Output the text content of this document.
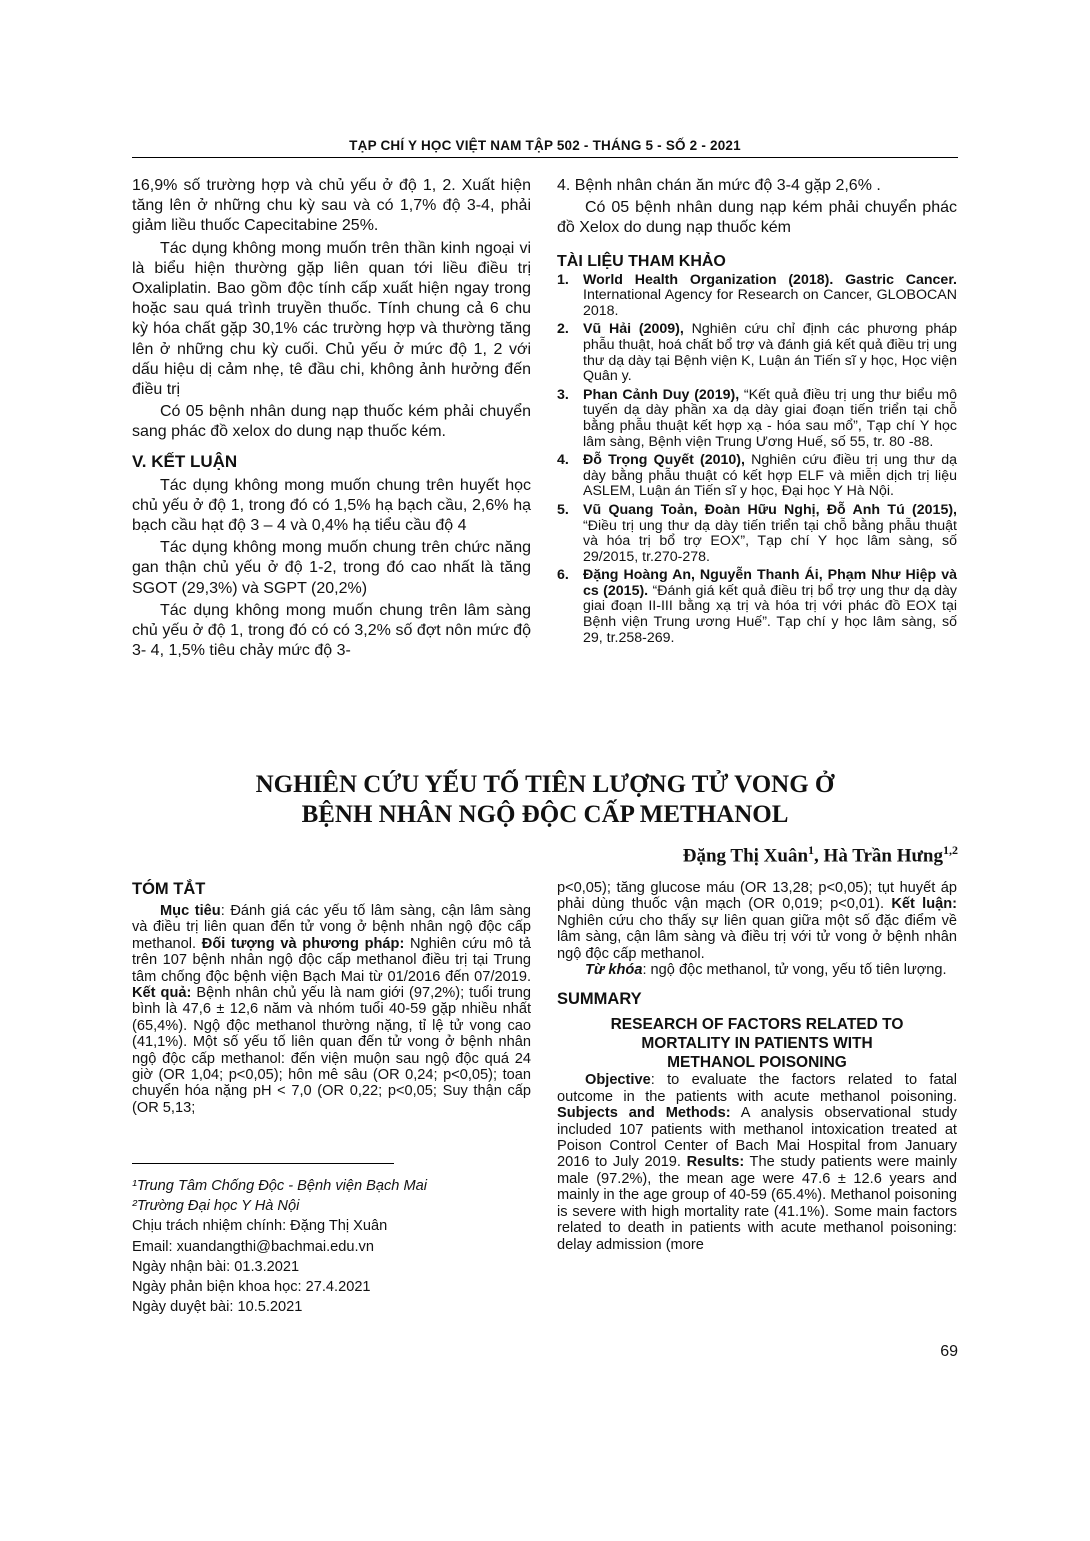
TẠP CHÍ Y HỌC VIỆT NAM TẬP 502 - THÁNG 5 - SỐ 2 - 2021

16,9% số trường hợp và chủ yếu ở độ 1, 2. Xuất hiện tăng lên ở những chu kỳ sau và có 1,7% độ 3-4, phải giảm liều thuốc Capecitabine 25%.

Tác dụng không mong muốn trên thần kinh ngoại vi là biểu hiện thường gặp liên quan tới liều điều trị Oxaliplatin. Bao gồm độc tính cấp xuất hiện ngay trong hoặc sau quá trình truyền thuốc. Tính chung cả 6 chu kỳ hóa chất gặp 30,1% các trường hợp và thường tăng lên ở những chu kỳ cuối. Chủ yếu ở mức độ 1, 2 với dấu hiệu dị cảm nhẹ, tê đầu chi, không ảnh hưởng đến điều trị

Có 05 bệnh nhân dung nạp thuốc kém phải chuyển sang phác đồ xelox do dung nạp thuốc kém.

V. KẾT LUẬN

Tác dụng không mong muốn chung trên huyết học chủ yếu ở độ 1, trong đó có 1,5% hạ bạch cầu, 2,6% hạ bạch cầu hạt độ 3 – 4 và 0,4% hạ tiểu cầu độ 4

Tác dụng không mong muốn chung trên chức năng gan thận chủ yếu ở độ 1-2, trong đó cao nhất là tăng SGOT (29,3%) và SGPT (20,2%)

Tác dụng không mong muốn chung trên lâm sàng chủ yếu ở độ 1, trong đó có có 3,2% số đợt nôn mức độ 3- 4, 1,5% tiêu chảy mức độ 3-

4. Bệnh nhân chán ăn mức độ 3-4 gặp 2,6% .

Có 05 bệnh nhân dung nạp kém phải chuyển phác đồ Xelox do dung nạp thuốc kém

TÀI LIỆU THAM KHẢO

1. World Health Organization (2018). Gastric Cancer. International Agency for Research on Cancer, GLOBOCAN 2018.

2. Vũ Hải (2009), Nghiên cứu chỉ định các phương pháp phẫu thuật, hoá chất bổ trợ và đánh giá kết quả điều trị ung thư dạ dày tại Bệnh viện K, Luận án Tiến sĩ y học, Học viện Quân y.

3. Phan Cảnh Duy (2019), “Kết quả điều trị ung thư biểu mô tuyến dạ dày phần xa dạ dày giai đoạn tiến triển tại chỗ bằng phẫu thuật kết hợp xạ - hóa sau mổ”, Tạp chí Y học lâm sàng, Bệnh viện Trung Ương Huế, số 55, tr. 80 -88.

4. Đỗ Trọng Quyết (2010), Nghiên cứu điều trị ung thư dạ dày bằng phẫu thuật có kết hợp ELF và miễn dịch trị liệu ASLEM, Luận án Tiến sĩ y học, Đại học Y Hà Nội.

5. Vũ Quang Toản, Đoàn Hữu Nghị, Đỗ Anh Tú (2015), “Điều trị ung thư dạ dày tiến triển tại chỗ bằng phẫu thuật và hóa trị bổ trợ EOX”, Tạp chí Y học lâm sàng, số 29/2015, tr.270-278.

6. Đặng Hoàng An, Nguyễn Thanh Ái, Phạm Như Hiệp và cs (2015). “Đánh giá kết quả điều trị bổ trợ ung thư dạ dày giai đoạn II-III bằng xạ trị và hóa trị với phác đồ EOX tại Bệnh viện Trung ương Huế”. Tạp chí y học lâm sàng, số 29, tr.258-269.

NGHIÊN CỨU YẾU TỐ TIÊN LƯỢNG TỬ VONG Ở
BỆNH NHÂN NGỘ ĐỘC CẤP METHANOL
Đặng Thị Xuân$^1$, Hà Trần Hưng$^{1,2}$
TÓM TẮT

Mục tiêu: Đánh giá các yếu tố lâm sàng, cận lâm sàng và điều trị liên quan đến tử vong ở bệnh nhân ngộ độc cấp methanol. Đối tượng và phương pháp: Nghiên cứu mô tả trên 107 bệnh nhân ngộ độc cấp methanol điều trị tại Trung tâm chống độc bệnh viện Bạch Mai từ 01/2016 đến 07/2019. Kết quả: Bệnh nhân chủ yếu là nam giới (97,2%); tuổi trung bình là 47,6 ± 12,6 năm và nhóm tuổi 40-59 gặp nhiều nhất (65,4%). Ngộ độc methanol thường nặng, tỉ lệ tử vong cao (41,1%). Một số yếu tố liên quan đến tử vong ở bệnh nhân ngộ độc cấp methanol: đến viện muộn sau ngộ độc quá 24 giờ (OR 1,04; p<0,05); hôn mê sâu (OR 0,24; p<0,05); toan chuyển hóa nặng pH < 7,0 (OR 0,22; p<0,05; Suy thận cấp (OR 5,13;

¹Trung Tâm Chống Độc - Bệnh viện Bạch Mai
²Trường Đại học Y Hà Nội
Chịu trách nhiệm chính: Đặng Thị Xuân
Email: xuandangthi@bachmai.edu.vn
Ngày nhận bài: 01.3.2021
Ngày phản biện khoa học: 27.4.2021
Ngày duyệt bài: 10.5.2021

p<0,05); tăng glucose máu (OR 13,28; p<0,05); tụt huyết áp phải dùng thuốc vận mạch (OR 0,019; p<0,01). Kết luận: Nghiên cứu cho thấy sự liên quan giữa một số đặc điểm về lâm sàng, cận lâm sàng và điều trị với tử vong ở bệnh nhân ngộ độc cấp methanol.

Từ khóa: ngộ độc methanol, tử vong, yếu tố tiên lượng.

SUMMARY
RESEARCH OF FACTORS RELATED TO
MORTALITY IN PATIENTS WITH
METHANOL POISONING

Objective: to evaluate the factors related to fatal outcome in the patients with acute methanol poisoning. Subjects and Methods: A analysis observational study included 107 patients with methanol intoxication treated at Poison Control Center of Bach Mai Hospital from January 2016 to July 2019. Results: The study patients were mainly male (97.2%), the mean age were 47.6 ± 12.6 years and mainly in the age group of 40-59 (65.4%). Methanol poisoning is severe with high mortality rate (41.1%). Some main factors related to death in patients with acute methanol poisoning: delay admission (more

69
